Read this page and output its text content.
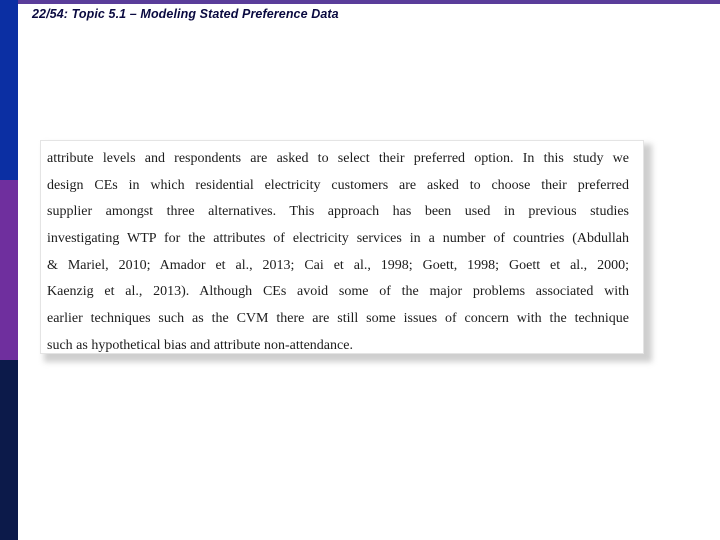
22/54: Topic 5.1 – Modeling Stated Preference Data
attribute levels and respondents are asked to select their preferred option. In this study we
design CEs in which residential electricity customers are asked to choose their preferred
supplier amongst three alternatives. This approach has been used in previous studies
investigating WTP for the attributes of electricity services in a number of countries (Abdullah
& Mariel, 2010; Amador et al., 2013; Cai et al., 1998; Goett, 1998; Goett et al., 2000;
Kaenzig et al., 2013). Although CEs avoid some of the major problems associated with
earlier techniques such as the CVM there are still some issues of concern with the technique
such as hypothetical bias and attribute non-attendance.
